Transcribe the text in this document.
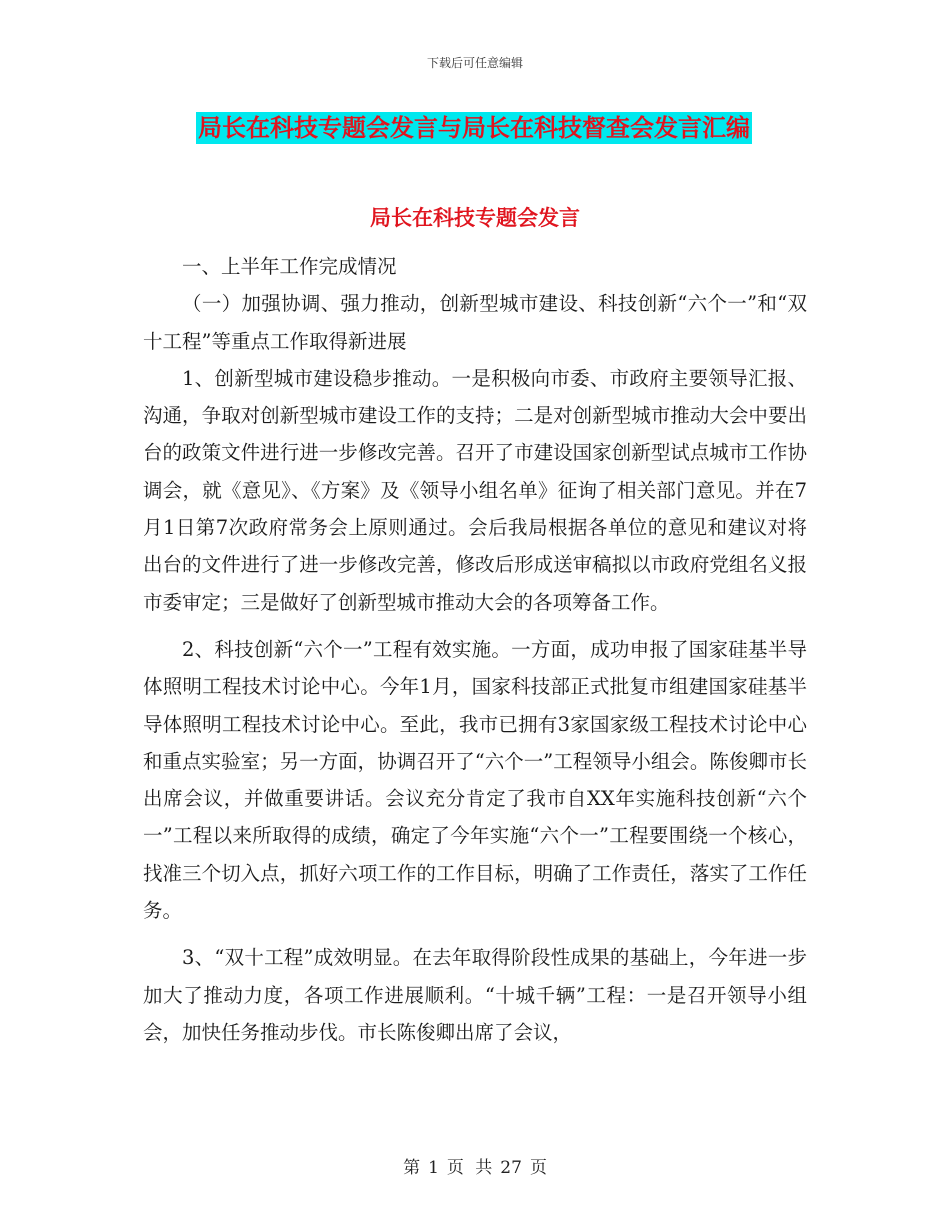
下载后可任意编辑
局长在科技专题会发言与局长在科技督查会发言汇编
局长在科技专题会发言

一、上半年工作完成情况

（一）加强协调、强力推动，创新型城市建设、科技创新“六个一”和“双十工程”等重点工作取得新进展

1、创新型城市建设稳步推动。一是积极向市委、市政府主要领导汇报、沟通，争取对创新型城市建设工作的支持；二是对创新型城市推动大会中要出台的政策文件进行进一步修改完善。召开了市建设国家创新型试点城市工作协调会，就《意见》、《方案》及《领导小组名单》征询了相关部门意见。并在7月1日第7次政府常务会上原则通过。会后我局根据各单位的意见和建议对将出台的文件进行了进一步修改完善，修改后形成送审稿拟以市政府党组名义报市委审定；三是做好了创新型城市推动大会的各项筹备工作。

2、科技创新“六个一”工程有效实施。一方面，成功申报了国家硅基半导体照明工程技术讨论中心。今年1月，国家科技部正式批复市组建国家硅基半导体照明工程技术讨论中心。至此，我市已拥有3家国家级工程技术讨论中心和重点实验室；另一方面，协调召开了“六个一”工程领导小组会。陈俊卿市长出席会议，并做重要讲话。会议充分肯定了我市自XX年实施科技创新“六个一”工程以来所取得的成绩，确定了今年实施“六个一”工程要围绕一个核心，找准三个切入点，抓好六项工作的工作目标，明确了工作责任，落实了工作任务。

3、“双十工程”成效明显。在去年取得阶段性成果的基础上，今年进一步加大了推动力度，各项工作进展顺利。“十城千辆”工程：一是召开领导小组会，加快任务推动步伐。市长陈俊卿出席了会议，

第 1 页 共 27 页
